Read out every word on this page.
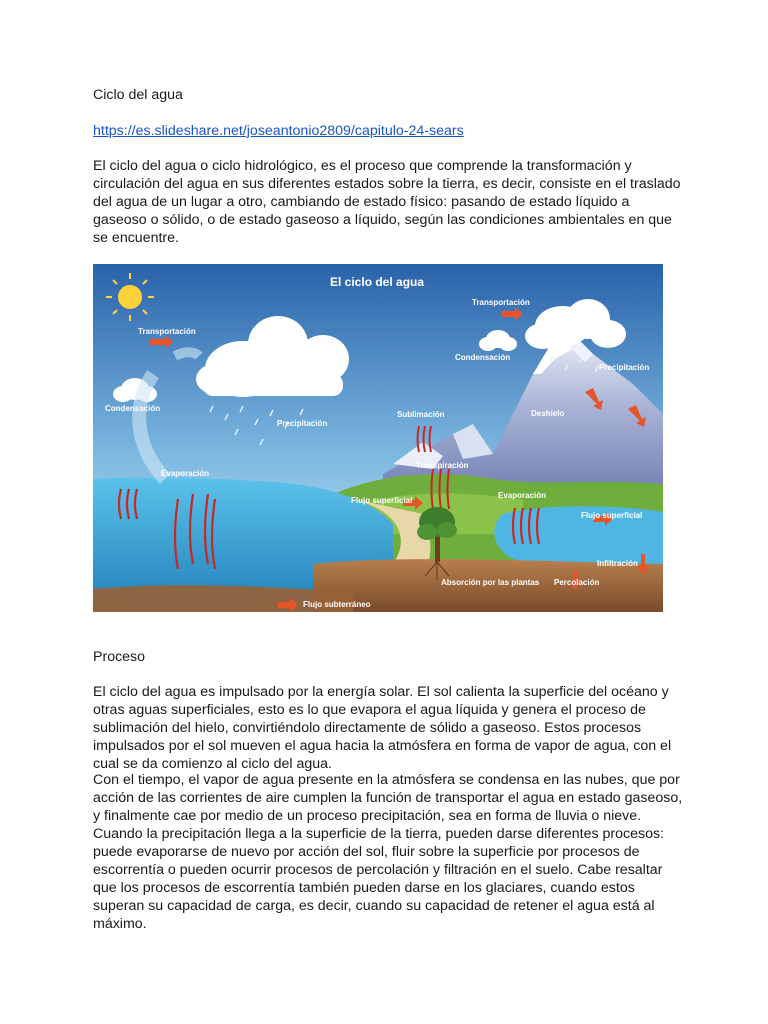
Ciclo del agua

https://es.slideshare.net/joseantonio2809/capitulo-24-sears

El ciclo del agua o ciclo hidrológico, es el proceso que comprende la transformación y circulación del agua en sus diferentes estados sobre la tierra, es decir, consiste en el traslado del agua de un lugar a otro, cambiando de estado físico: pasando de estado líquido a gaseoso o sólido, o de estado gaseoso a líquido, según las condiciones ambientales en que se encuentre.

El ciclo del agua
Transportación
Transportación
Condensación
Condensación
Precipitación
Precipitación
Sublimación	Deshielo
Evaporación
Evaporación
Transpiración
Flujo superficial
Flujo superficial
Infiltración
Absorción por las plantas Percolación
Flujo subterráneo

Proceso

El ciclo del agua es impulsado por la energía solar. El sol calienta la superficie del océano y otras aguas superficiales, esto es lo que evapora el agua líquida y genera el proceso de sublimación del hielo, convirtiéndolo directamente de sólido a gaseoso. Estos procesos impulsados por el sol mueven el agua hacia la atmósfera en forma de vapor de agua, con el cual se da comienzo al ciclo del agua.

Con el tiempo, el vapor de agua presente en la atmósfera se condensa en las nubes, que por acción de las corrientes de aire cumplen la función de transportar el agua en estado gaseoso, y finalmente cae por medio de un proceso precipitación, sea en forma de lluvia o nieve. Cuando la precipitación llega a la superficie de la tierra, pueden darse diferentes procesos: puede evaporarse de nuevo por acción del sol, fluir sobre la superficie por procesos de escorrentía o pueden ocurrir procesos de percolación y filtración en el suelo. Cabe resaltar que los procesos de escorrentía también pueden darse en los glaciares, cuando estos superan su capacidad de carga, es decir, cuando su capacidad de retener el agua está al máximo.
